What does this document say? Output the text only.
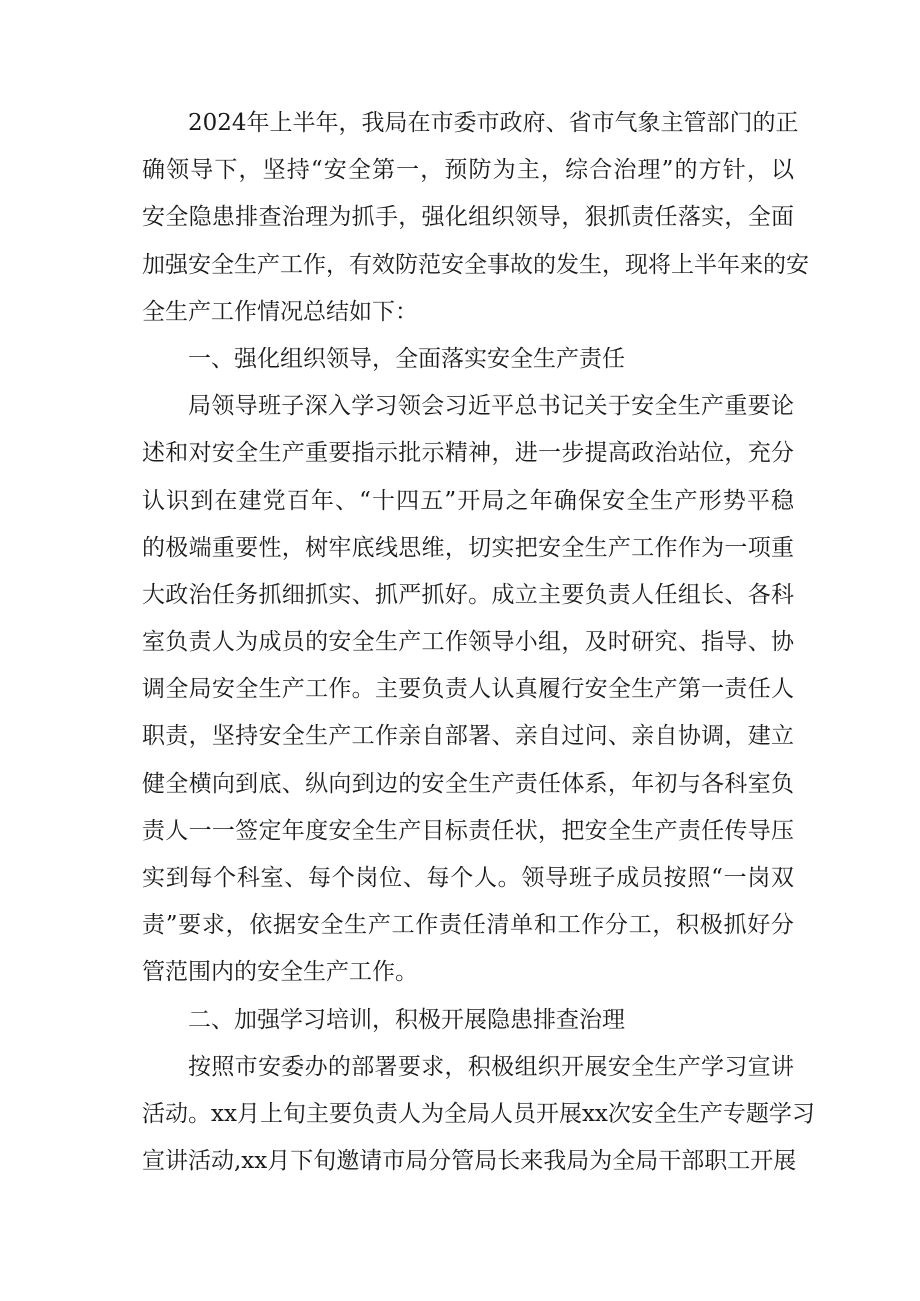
2024年上半年，我局在市委市政府、省市气象主管部门的正
确领导下，坚持“安全第一，预防为主，综合治理”的方针，以
安全隐患排查治理为抓手，强化组织领导，狠抓责任落实，全面
加强安全生产工作，有效防范安全事故的发生，现将上半年来的安
全生产工作情况总结如下：
一、强化组织领导，全面落实安全生产责任
局领导班子深入学习领会习近平总书记关于安全生产重要论
述和对安全生产重要指示批示精神，进一步提高政治站位，充分
认识到在建党百年、“十四五”开局之年确保安全生产形势平稳
的极端重要性，树牢底线思维，切实把安全生产工作作为一项重
大政治任务抓细抓实、抓严抓好。成立主要负责人任组长、各科
室负责人为成员的安全生产工作领导小组，及时研究、指导、协
调全局安全生产工作。主要负责人认真履行安全生产第一责任人
职责，坚持安全生产工作亲自部署、亲自过问、亲自协调，建立
健全横向到底、纵向到边的安全生产责任体系，年初与各科室负
责人一一签定年度安全生产目标责任状，把安全生产责任传导压
实到每个科室、每个岗位、每个人。领导班子成员按照“一岗双
责”要求，依据安全生产工作责任清单和工作分工，积极抓好分
管范围内的安全生产工作。
二、加强学习培训，积极开展隐患排查治理
按照市安委办的部署要求，积极组织开展安全生产学习宣讲
活动。xx月上旬主要负责人为全局人员开展xx次安全生产专题学习
宣讲活动,xx月下旬邀请市局分管局长来我局为全局干部职工开展
